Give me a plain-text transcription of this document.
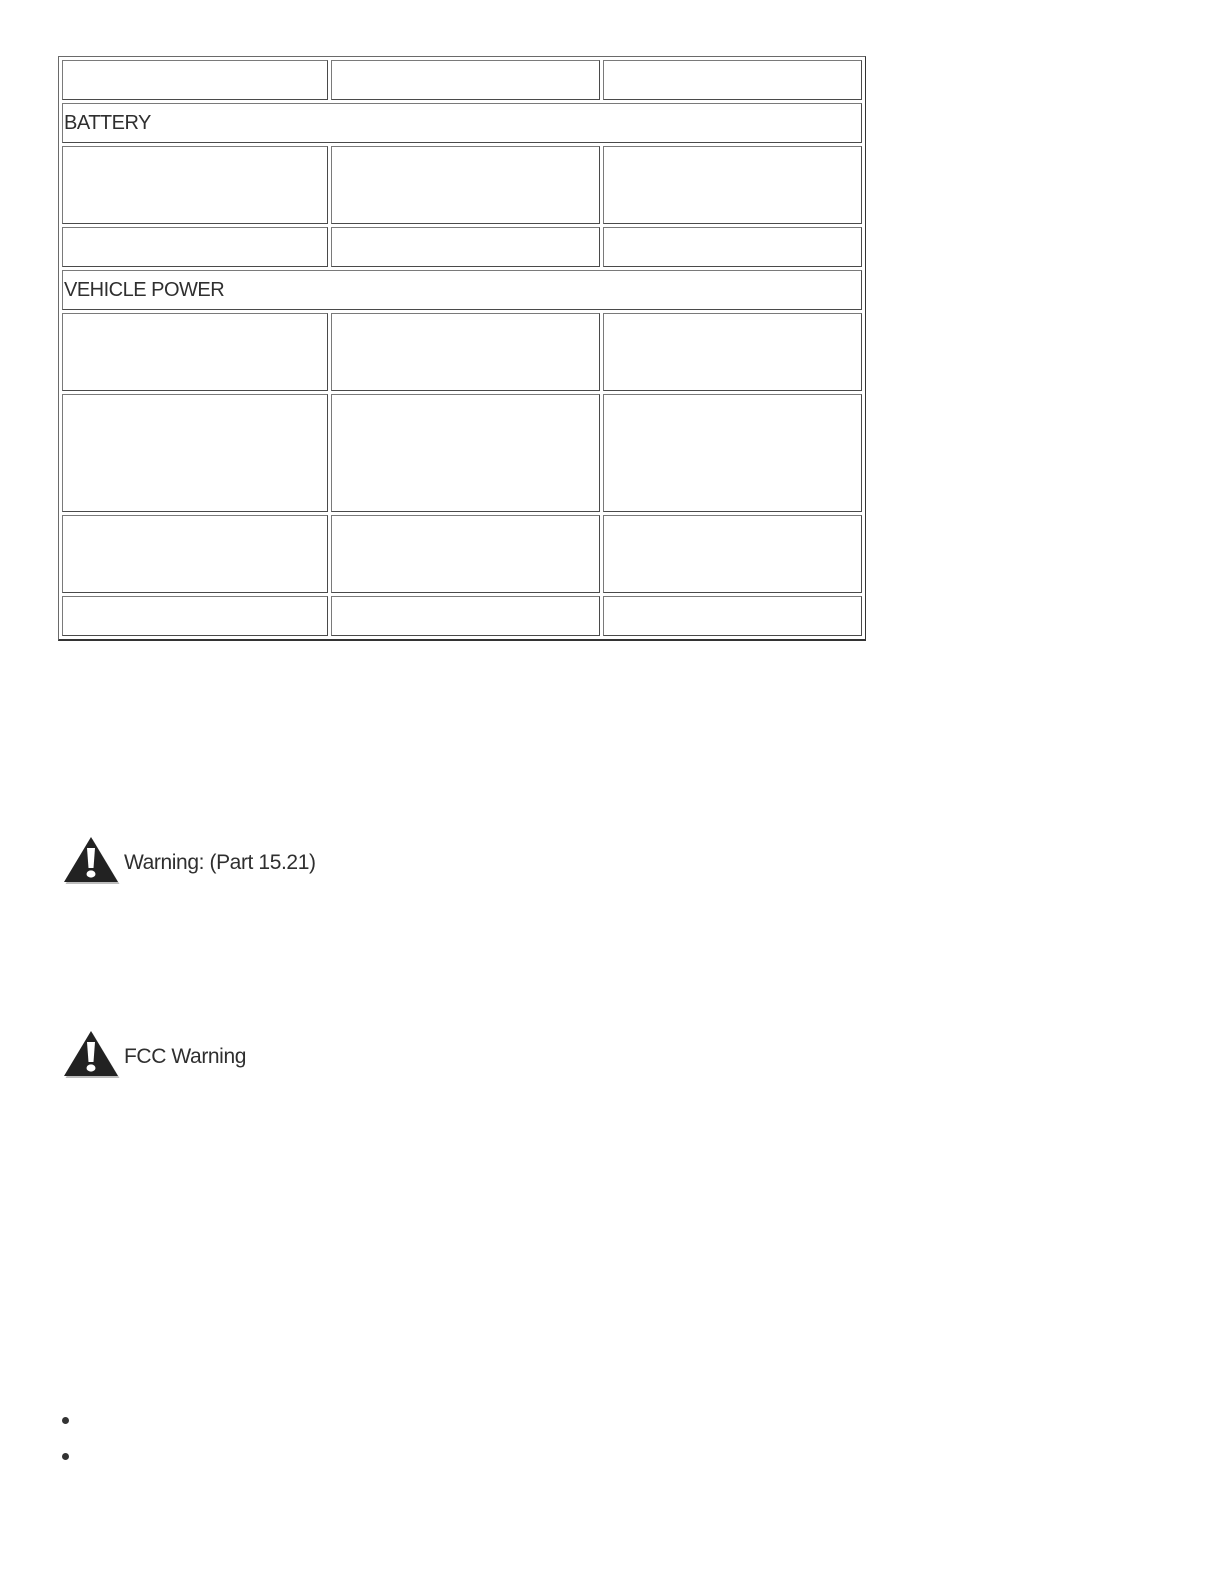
BATTERY		

VEHICLE POWER		

Warning: (Part 15.21)
FCC Warning
